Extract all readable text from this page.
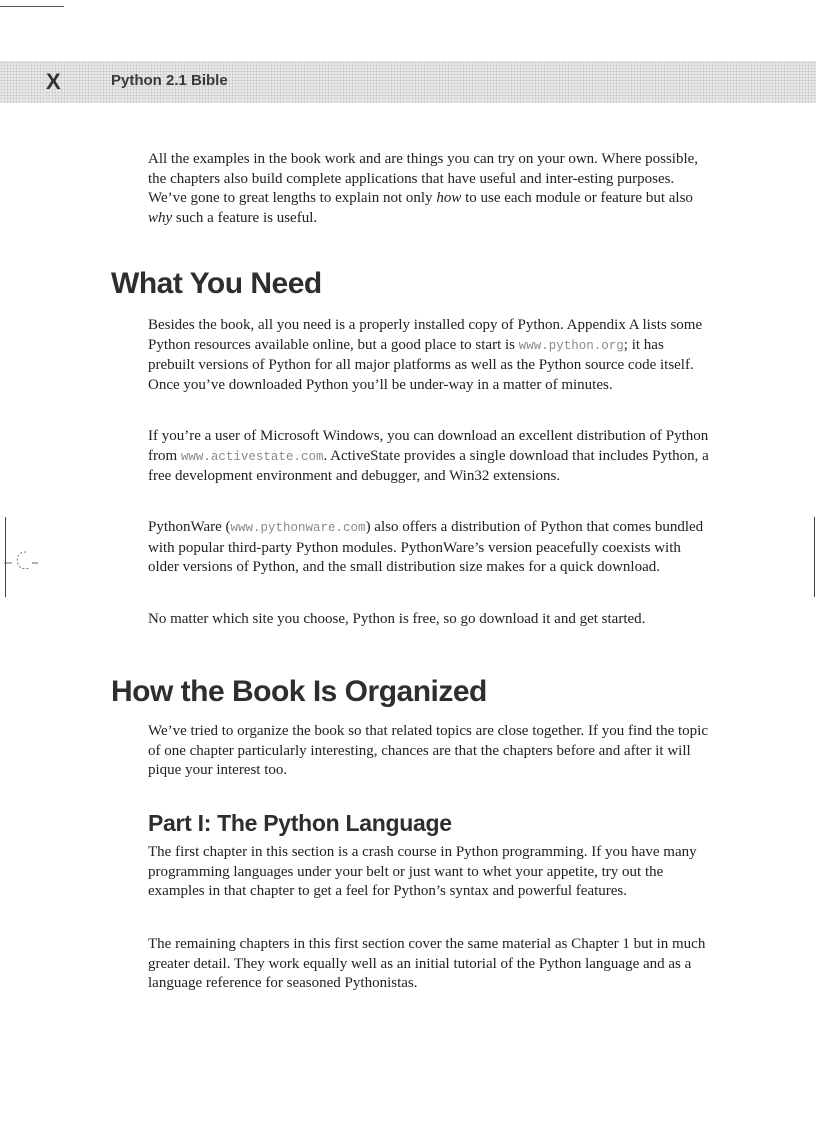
X	Python 2.1 Bible

All the examples in the book work and are things you can try on your own. Where possible, the chapters also build complete applications that have useful and inter-esting purposes. We’ve gone to great lengths to explain not only how to use each module or feature but also why such a feature is useful.

What You Need

Besides the book, all you need is a properly installed copy of Python. Appendix A lists some Python resources available online, but a good place to start is www.python.org; it has prebuilt versions of Python for all major platforms as well as the Python source code itself. Once you’ve downloaded Python you’ll be under-way in a matter of minutes.

If you’re a user of Microsoft Windows, you can download an excellent distribution of Python from www.activestate.com. ActiveState provides a single download that includes Python, a free development environment and debugger, and Win32 extensions.

PythonWare (www.pythonware.com) also offers a distribution of Python that comes bundled with popular third-party Python modules. PythonWare’s version peacefully coexists with older versions of Python, and the small distribution size makes for a quick download.

No matter which site you choose, Python is free, so go download it and get started.

How the Book Is Organized

We’ve tried to organize the book so that related topics are close together. If you find the topic of one chapter particularly interesting, chances are that the chapters before and after it will pique your interest too.

Part I: The Python Language

The first chapter in this section is a crash course in Python programming. If you have many programming languages under your belt or just want to whet your appetite, try out the examples in that chapter to get a feel for Python’s syntax and powerful features.

The remaining chapters in this first section cover the same material as Chapter 1 but in much greater detail. They work equally well as an initial tutorial of the Python language and as a language reference for seasoned Pythonistas.
